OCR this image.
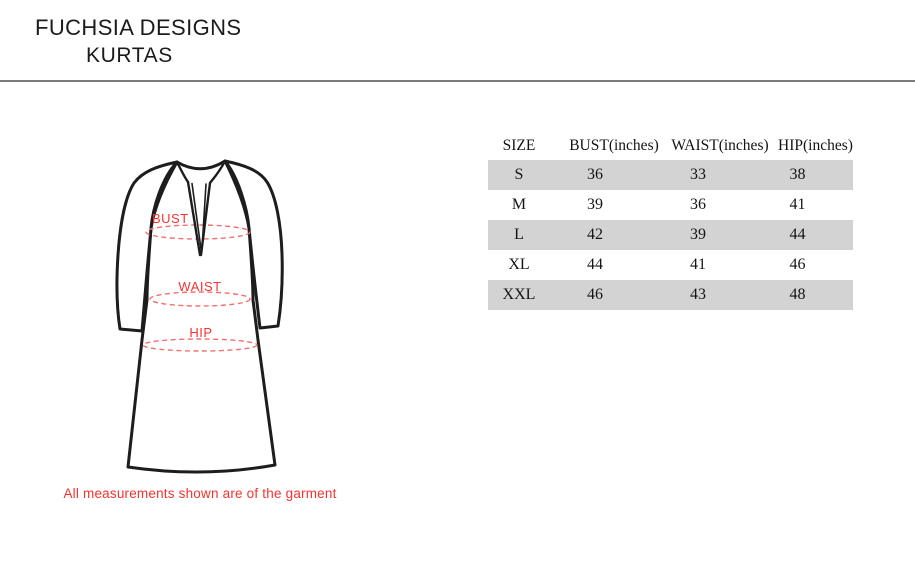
FUCHSIA DESIGNS
KURTAS
BUST
WAIST
HIP
All measurements shown are of the garment
SIZE	BUST(inches) WAIST(inches) HIP(inches)
S	36	33	38
M	39	36	41
L	42	39	44
XL	44	41	46
XXL	46	43	48
